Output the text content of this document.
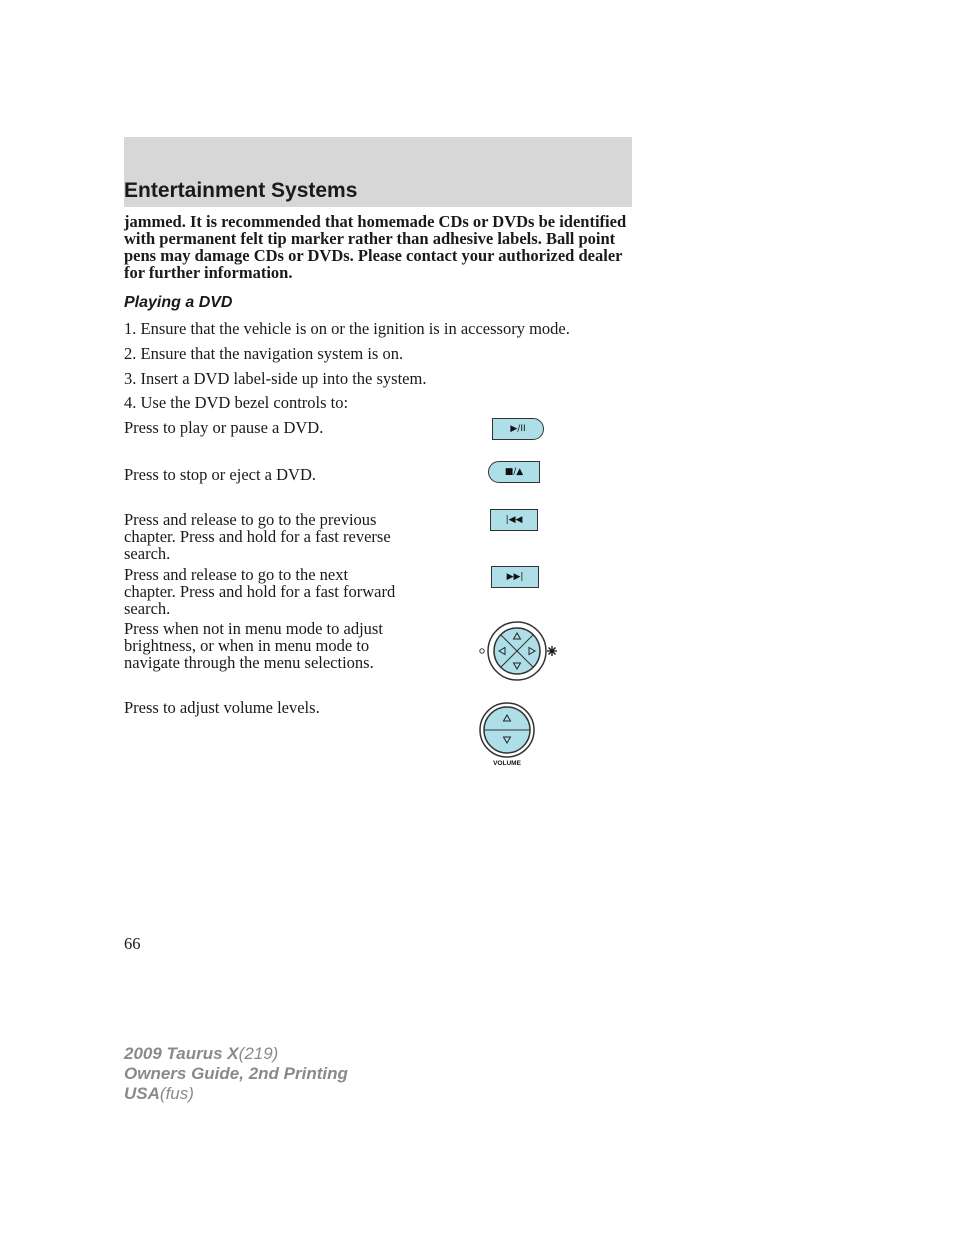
Entertainment Systems

jammed. It is recommended that homemade CDs or DVDs be identified with permanent felt tip marker rather than adhesive labels. Ball point pens may damage CDs or DVDs. Please contact your authorized dealer for further information.

Playing a DVD

1. Ensure that the vehicle is on or the ignition is in accessory mode.

2. Ensure that the navigation system is on.

3. Insert a DVD label-side up into the system.

4. Use the DVD bezel controls to:

Press to play or pause a DVD.	▶/II

Press to stop or eject a DVD.	■/▲

Press and release to go to the previous chapter. Press and hold for a fast reverse search.

|◀◀

Press and release to go to the next chapter. Press and hold for a fast forward search.

▶▶|

Press when not in menu mode to adjust brightness, or when in menu mode to navigate through the menu selections.

Press to adjust volume levels.

VOLUME
66
2009 Taurus X(219)
Owners Guide, 2nd Printing
USA(fus)
